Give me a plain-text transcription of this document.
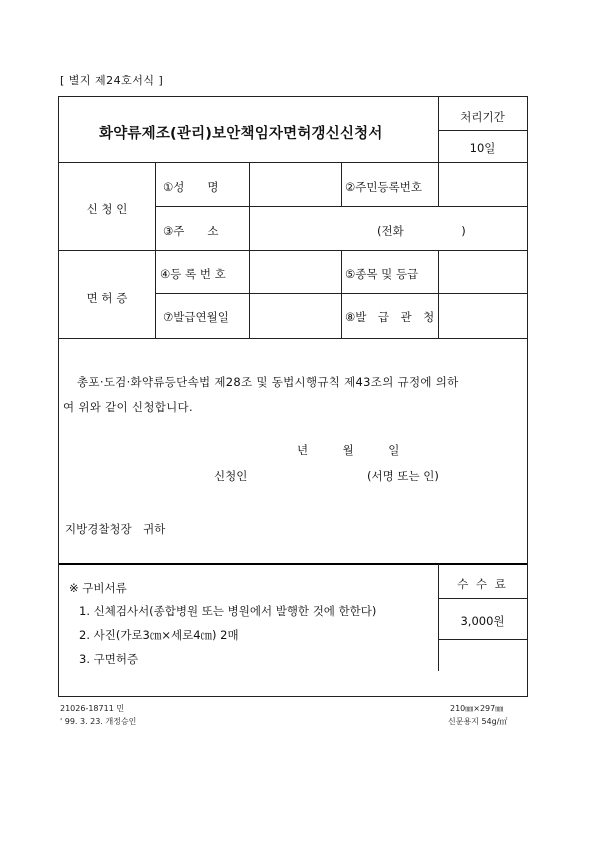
[ 별지 제24호서식 ]
화약류제조(관리)보안책임자면허갱신신청서
처리기간
10일
신 청 인
①성　　명	②주민등록번호
③주　　소	(전화　　　　　)
면 허 증
④등 록 번 호	⑤종목 및 등급
⑦발급연월일	⑧발　급　관　청
총포·도검·화약류등단속법 제28조 및 동법시행규칙 제43조의 규정에 의하
여 위와 같이 신청합니다.
년　　　월　　　일
신청인	(서명 또는 인)
지방경찰청장　귀하
※ 구비서류
1. 신체검사서(종합병원 또는 병원에서 발행한 것에 한한다)
2. 사진(가로3㎝×세로4㎝) 2매
3. 구면허증
수 수 료
3,000원
21026-18711 민
' 99. 3. 23. 개정승인
210㎜×297㎜
신문용지 54g/㎡
